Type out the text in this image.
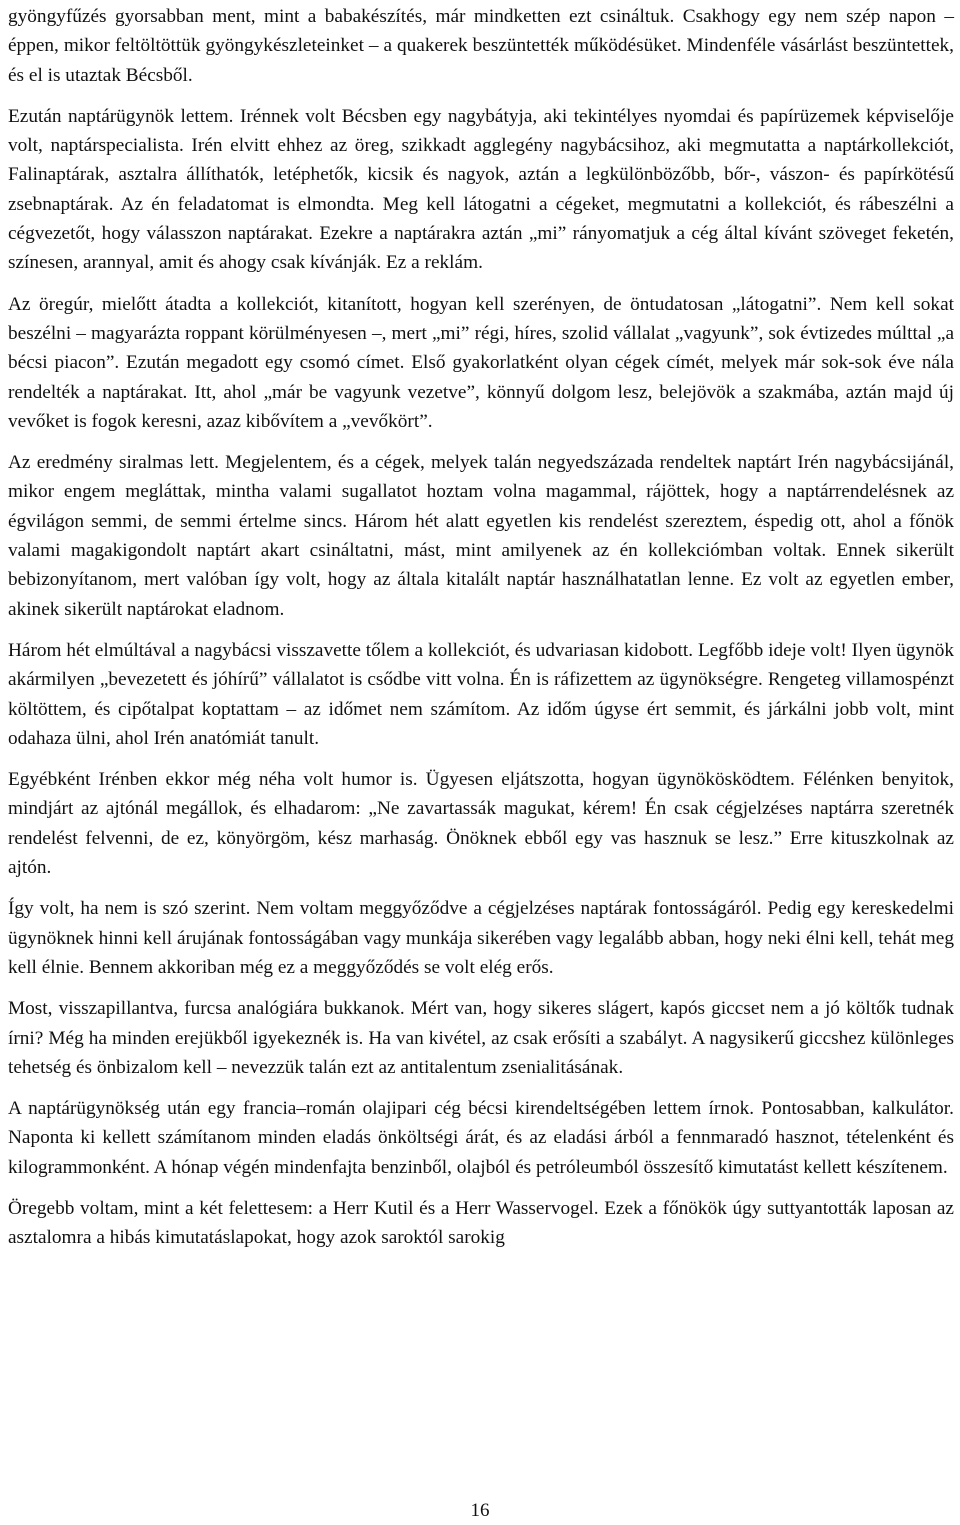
gyöngyfűzés gyorsabban ment, mint a babakészítés, már mindketten ezt csináltuk. Csakhogy egy nem szép napon – éppen, mikor feltöltöttük gyöngykészleteinket – a quakerek beszüntették működésüket. Mindenféle vásárlást beszüntettek, és el is utaztak Bécsből.

Ezután naptárügynök lettem. Irénnek volt Bécsben egy nagybátyja, aki tekintélyes nyomdai és papírüzemek képviselője volt, naptárspecialista. Irén elvitt ehhez az öreg, szikkadt agglegény nagybácsihoz, aki megmutatta a naptárkollekciót, Falinaptárak, asztalra állíthatók, letéphetők, kicsik és nagyok, aztán a legkülönbözőbb, bőr-, vászon- és papírkötésű zsebnaptárak. Az én feladatomat is elmondta. Meg kell látogatni a cégeket, megmutatni a kollekciót, és rábeszélni a cégvezetőt, hogy válasszon naptárakat. Ezekre a naptárakra aztán „mi” rányomatjuk a cég által kívánt szöveget feketén, színesen, arannyal, amit és ahogy csak kívánják. Ez a reklám.

Az öregúr, mielőtt átadta a kollekciót, kitanított, hogyan kell szerényen, de öntudatosan „látogatni”. Nem kell sokat beszélni – magyarázta roppant körülményesen –, mert „mi” régi, híres, szolid vállalat „vagyunk”, sok évtizedes múlttal „a bécsi piacon”. Ezután megadott egy csomó címet. Első gyakorlatként olyan cégek címét, melyek már sok-sok éve nála rendelték a naptárakat. Itt, ahol „már be vagyunk vezetve”, könnyű dolgom lesz, belejövök a szakmába, aztán majd új vevőket is fogok keresni, azaz kibővítem a „vevőkört”.

Az eredmény siralmas lett. Megjelentem, és a cégek, melyek talán negyedszázada rendeltek naptárt Irén nagybácsijánál, mikor engem megláttak, mintha valami sugallatot hoztam volna magammal, rájöttek, hogy a naptárrendelésnek az égvilágon semmi, de semmi értelme sincs. Három hét alatt egyetlen kis rendelést szereztem, éspedig ott, ahol a főnök valami magakigondolt naptárt akart csináltatni, mást, mint amilyenek az én kollekciómban voltak. Ennek sikerült bebizonyítanom, mert valóban így volt, hogy az általa kitalált naptár használhatatlan lenne. Ez volt az egyetlen ember, akinek sikerült naptárokat eladnom.

Három hét elmúltával a nagybácsi visszavette tőlem a kollekciót, és udvariasan kidobott. Legfőbb ideje volt! Ilyen ügynök akármilyen „bevezetett és jóhírű” vállalatot is csődbe vitt volna. Én is ráfizettem az ügynökségre. Rengeteg villamospénzt költöttem, és cipőtalpat koptattam – az időmet nem számítom. Az időm úgyse ért semmit, és járkálni jobb volt, mint odahaza ülni, ahol Irén anatómiát tanult.

Egyébként Irénben ekkor még néha volt humor is. Ügyesen eljátszotta, hogyan ügynökösködtem. Félénken benyitok, mindjárt az ajtónál megállok, és elhadarom: „Ne zavartassák magukat, kérem! Én csak cégjelzéses naptárra szeretnék rendelést felvenni, de ez, könyörgöm, kész marhaság. Önöknek ebből egy vas hasznuk se lesz.” Erre kituszkolnak az ajtón.

Így volt, ha nem is szó szerint. Nem voltam meggyőződve a cégjelzéses naptárak fontosságáról. Pedig egy kereskedelmi ügynöknek hinni kell árujának fontosságában vagy munkája sikerében vagy legalább abban, hogy neki élni kell, tehát meg kell élnie. Bennem akkoriban még ez a meggyőződés se volt elég erős.

Most, visszapillantva, furcsa analógiára bukkanok. Mért van, hogy sikeres slágert, kapós giccset nem a jó költők tudnak írni? Még ha minden erejükből igyekeznék is. Ha van kivétel, az csak erősíti a szabályt. A nagysikerű giccshez különleges tehetség és önbizalom kell – nevezzük talán ezt az antitalentum zsenialitásának.

A naptárügynökség után egy francia–román olajipari cég bécsi kirendeltségében lettem írnok. Pontosabban, kalkulátor. Naponta ki kellett számítanom minden eladás önköltségi árát, és az eladási árból a fennmaradó hasznot, tételenként és kilogrammonként. A hónap végén mindenfajta benzinből, olajból és petróleumból összesítő kimutatást kellett készítenem.

Öregebb voltam, mint a két felettesem: a Herr Kutil és a Herr Wasservogel. Ezek a főnökök úgy suttyantották laposan az asztalomra a hibás kimutatáslapokat, hogy azok saroktól sarokig

16
